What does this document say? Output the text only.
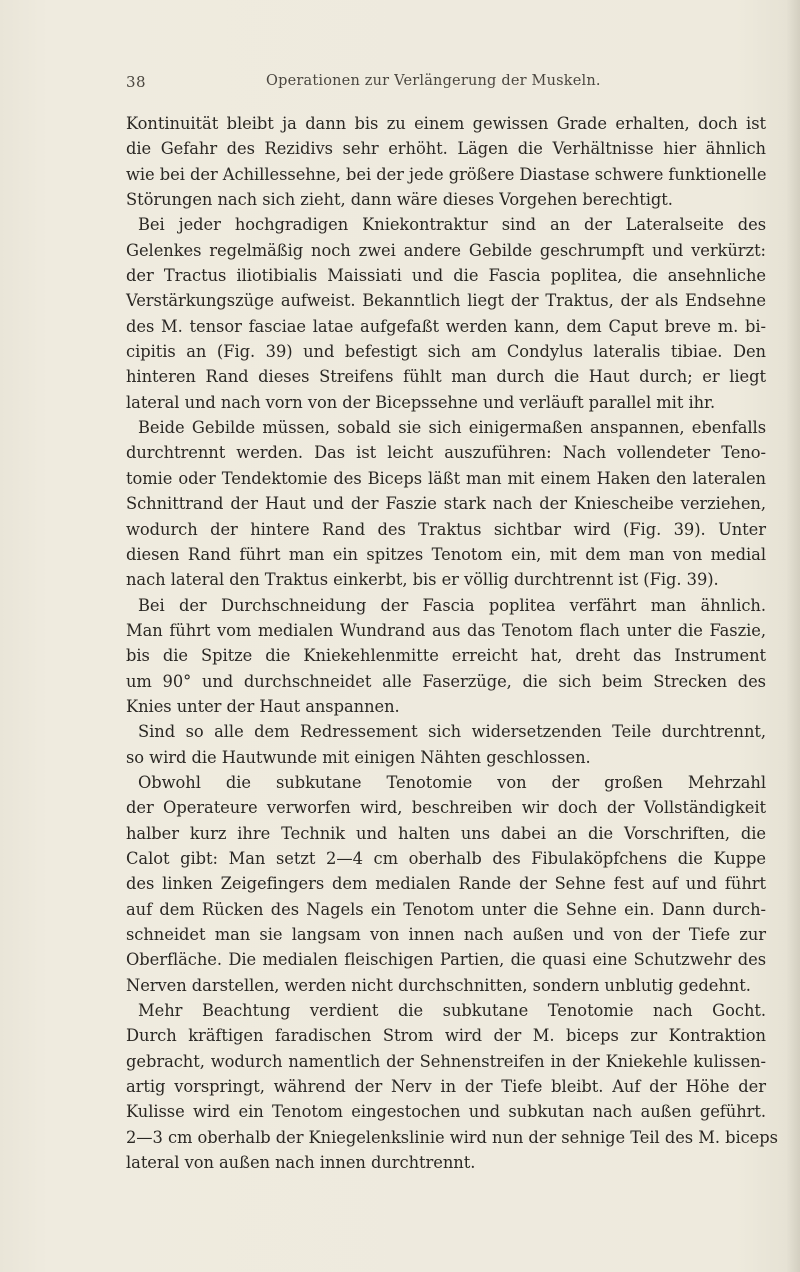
38	Operationen zur Verlängerung der Muskeln.
Kontinuität bleibt ja dann bis zu einem gewissen Grade erhalten, doch ist
die Gefahr des Rezidivs sehr erhöht. Lägen die Verhältnisse hier ähnlich
wie bei der Achillessehne, bei der jede größere Diastase schwere funktionelle
Störungen nach sich zieht, dann wäre dieses Vorgehen berechtigt.
Bei jeder hochgradigen Kniekontraktur sind an der Lateralseite des
Gelenkes regelmäßig noch zwei andere Gebilde geschrumpft und verkürzt:
der Tractus iliotibialis Maissiati und die Fascia poplitea, die ansehnliche
Verstärkungszüge aufweist. Bekanntlich liegt der Traktus, der als Endsehne
des M. tensor fasciae latae aufgefaßt werden kann, dem Caput breve m. bi-
cipitis an (Fig. 39) und befestigt sich am Condylus lateralis tibiae. Den
hinteren Rand dieses Streifens fühlt man durch die Haut durch; er liegt
lateral und nach vorn von der Bicepssehne und verläuft parallel mit ihr.
Beide Gebilde müssen, sobald sie sich einigermaßen anspannen, ebenfalls
durchtrennt werden. Das ist leicht auszuführen: Nach vollendeter Teno-
tomie oder Tendektomie des Biceps läßt man mit einem Haken den lateralen
Schnittrand der Haut und der Faszie stark nach der Kniescheibe verziehen,
wodurch der hintere Rand des Traktus sichtbar wird (Fig. 39). Unter
diesen Rand führt man ein spitzes Tenotom ein, mit dem man von medial
nach lateral den Traktus einkerbt, bis er völlig durchtrennt ist (Fig. 39).
Bei der Durchschneidung der Fascia poplitea verfährt man ähnlich.
Man führt vom medialen Wundrand aus das Tenotom flach unter die Faszie,
bis die Spitze die Kniekehlenmitte erreicht hat, dreht das Instrument
um 90° und durchschneidet alle Faserzüge, die sich beim Strecken des
Knies unter der Haut anspannen.
Sind so alle dem Redressement sich widersetzenden Teile durchtrennt,
so wird die Hautwunde mit einigen Nähten geschlossen.
Obwohl die subkutane Tenotomie von der großen Mehrzahl
der Operateure verworfen wird, beschreiben wir doch der Vollständigkeit
halber kurz ihre Technik und halten uns dabei an die Vorschriften, die
Calot gibt: Man setzt 2—4 cm oberhalb des Fibulaköpfchens die Kuppe
des linken Zeigefingers dem medialen Rande der Sehne fest auf und führt
auf dem Rücken des Nagels ein Tenotom unter die Sehne ein. Dann durch-
schneidet man sie langsam von innen nach außen und von der Tiefe zur
Oberfläche. Die medialen fleischigen Partien, die quasi eine Schutzwehr des
Nerven darstellen, werden nicht durchschnitten, sondern unblutig gedehnt.
Mehr Beachtung verdient die subkutane Tenotomie nach Gocht.
Durch kräftigen faradischen Strom wird der M. biceps zur Kontraktion
gebracht, wodurch namentlich der Sehnenstreifen in der Kniekehle kulissen-
artig vorspringt, während der Nerv in der Tiefe bleibt. Auf der Höhe der
Kulisse wird ein Tenotom eingestochen und subkutan nach außen geführt.
2—3 cm oberhalb der Kniegelenkslinie wird nun der sehnige Teil des M. biceps
lateral von außen nach innen durchtrennt.
